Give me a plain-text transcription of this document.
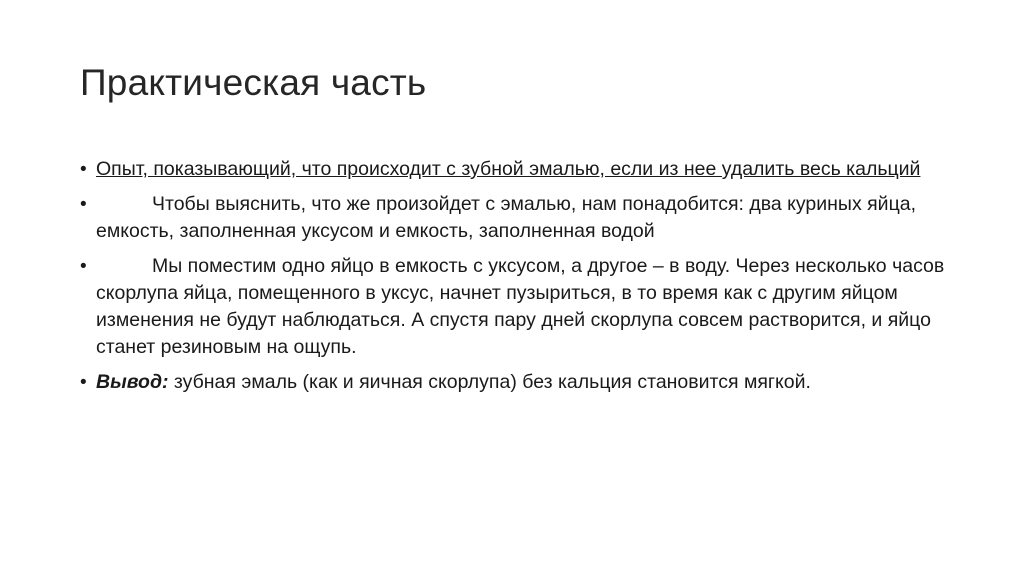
Практическая часть
• Опыт, показывающий, что происходит с зубной эмалью, если из нее удалить весь кальций
•	Чтобы выяснить, что же произойдет с эмалью, нам понадобится: два куриных яйца, емкость, заполненная уксусом и емкость, заполненная водой
•	Мы поместим одно яйцо в емкость с уксусом, а другое – в воду. Через несколько часов скорлупа яйца, помещенного в уксус, начнет пузыриться, в то время как с другим яйцом изменения не будут наблюдаться. А спустя пару дней скорлупа совсем растворится, и яйцо станет резиновым на ощупь.
• Вывод: зубная эмаль (как и яичная скорлупа) без кальция становится мягкой.
